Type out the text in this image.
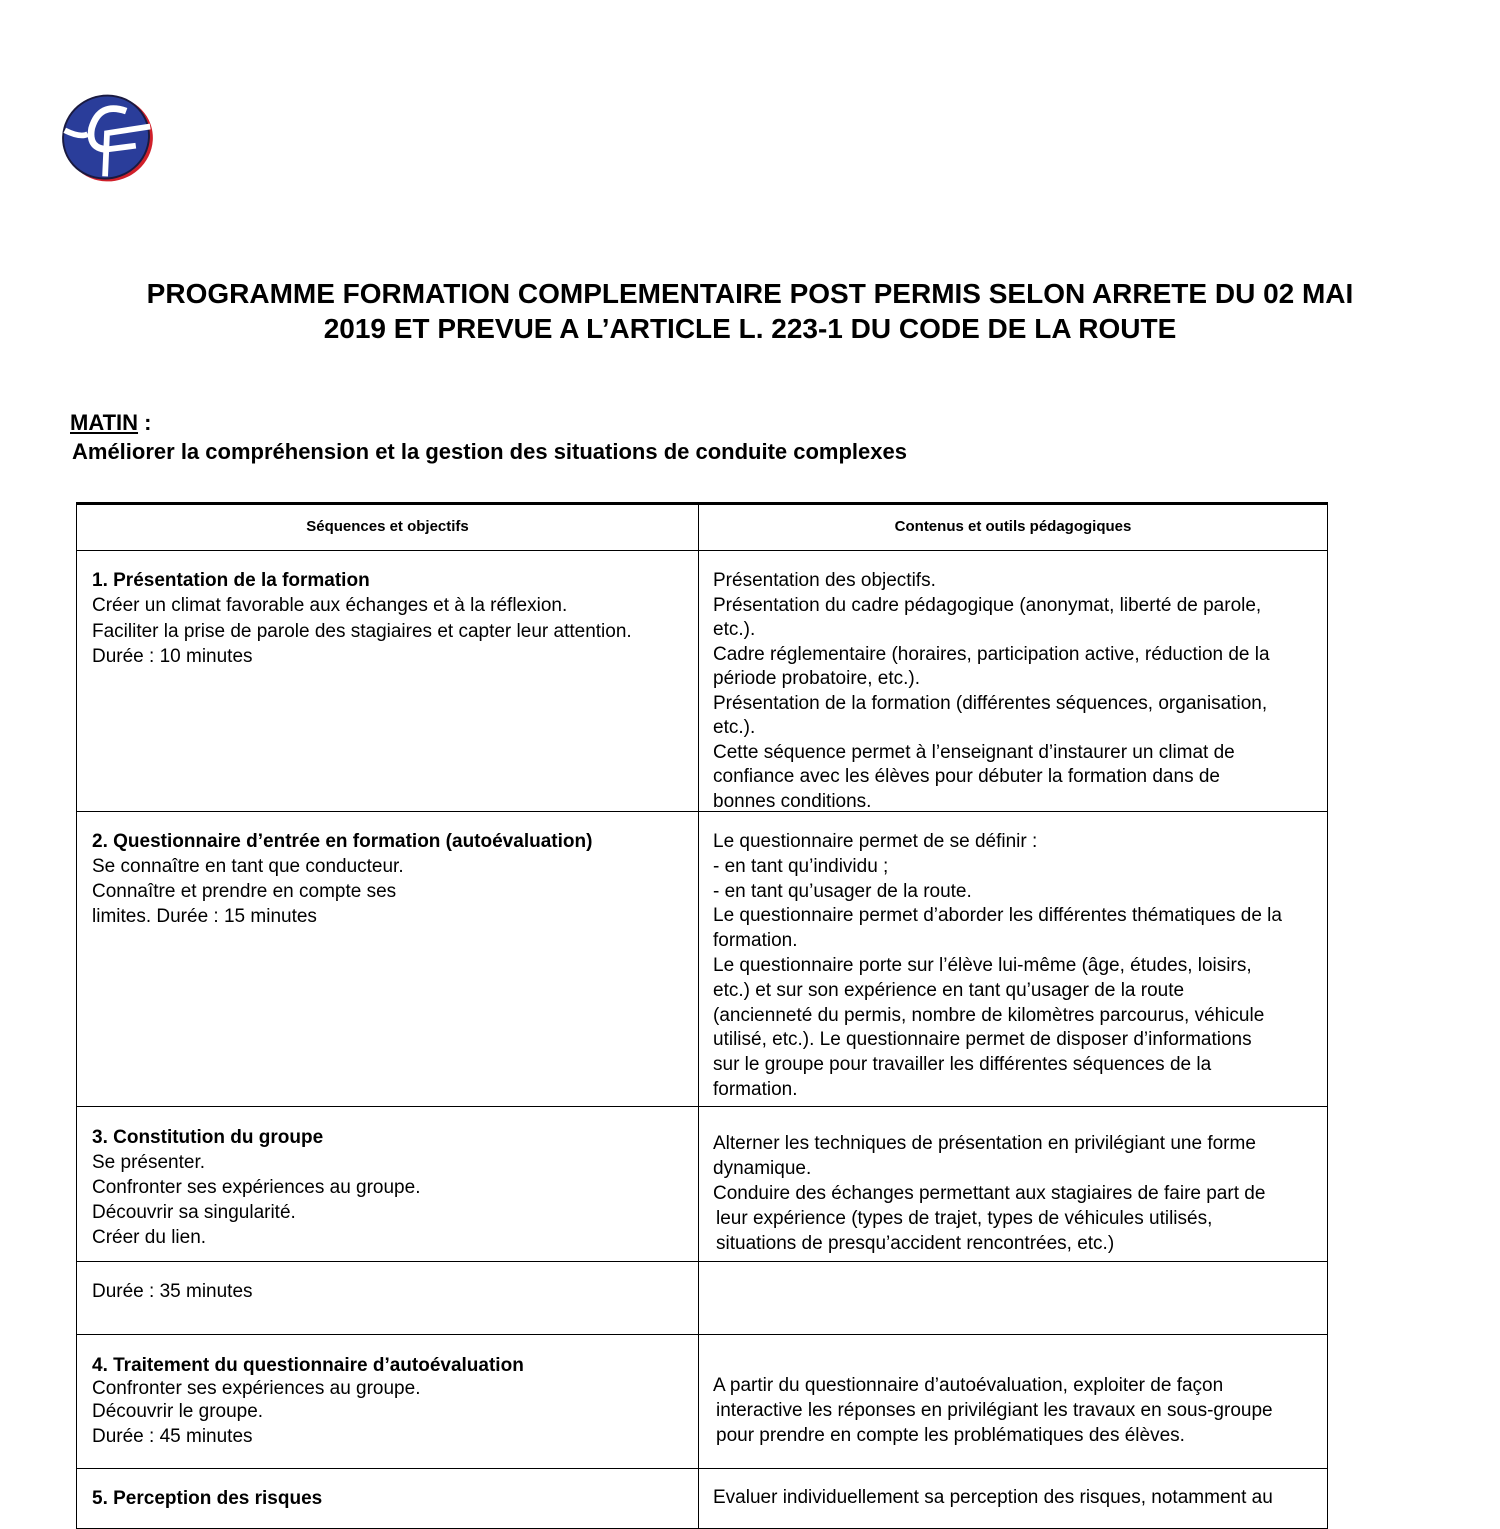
PROGRAMME FORMATION COMPLEMENTAIRE POST PERMIS SELON ARRETE DU 02 MAI
2019 ET PREVUE A L’ARTICLE L. 223-1 DU CODE DE LA ROUTE
MATIN :
Améliorer la compréhension et la gestion des situations de conduite complexes
Séquences et objectifs	Contenus et outils pédagogiques
1. Présentation de la formation
Créer un climat favorable aux échanges et à la réflexion.
Faciliter la prise de parole des stagiaires et capter leur attention.
Durée : 10 minutes
Présentation des objectifs.
Présentation du cadre pédagogique (anonymat, liberté de parole,
etc.).
Cadre réglementaire (horaires, participation active, réduction de la
période probatoire, etc.).
Présentation de la formation (différentes séquences, organisation,
etc.).
Cette séquence permet à l’enseignant d’instaurer un climat de
confiance avec les élèves pour débuter la formation dans de
bonnes conditions.
2. Questionnaire d’entrée en formation (autoévaluation)
Se connaître en tant que conducteur.
Connaître et prendre en compte ses
limites. Durée : 15 minutes
Le questionnaire permet de se définir :
- en tant qu’individu ;
- en tant qu’usager de la route.
Le questionnaire permet d’aborder les différentes thématiques de la
formation.
Le questionnaire porte sur l’élève lui-même (âge, études, loisirs,
etc.) et sur son expérience en tant qu’usager de la route
(ancienneté du permis, nombre de kilomètres parcourus, véhicule
utilisé, etc.). Le questionnaire permet de disposer d’informations
sur le groupe pour travailler les différentes séquences de la
formation.
3. Constitution du groupe
Se présenter.
Confronter ses expériences au groupe.
Découvrir sa singularité.
Créer du lien.
Alterner les techniques de présentation en privilégiant une forme
dynamique.
Conduire des échanges permettant aux stagiaires de faire part de
leur expérience (types de trajet, types de véhicules utilisés,
situations de presqu’accident rencontrées, etc.)
Durée : 35 minutes
4. Traitement du questionnaire d’autoévaluation
Confronter ses expériences au groupe.
Découvrir le groupe.
Durée : 45 minutes
A partir du questionnaire d’autoévaluation, exploiter de façon
interactive les réponses en privilégiant les travaux en sous-groupe
pour prendre en compte les problématiques des élèves.
5. Perception des risques	Evaluer individuellement sa perception des risques, notamment au
